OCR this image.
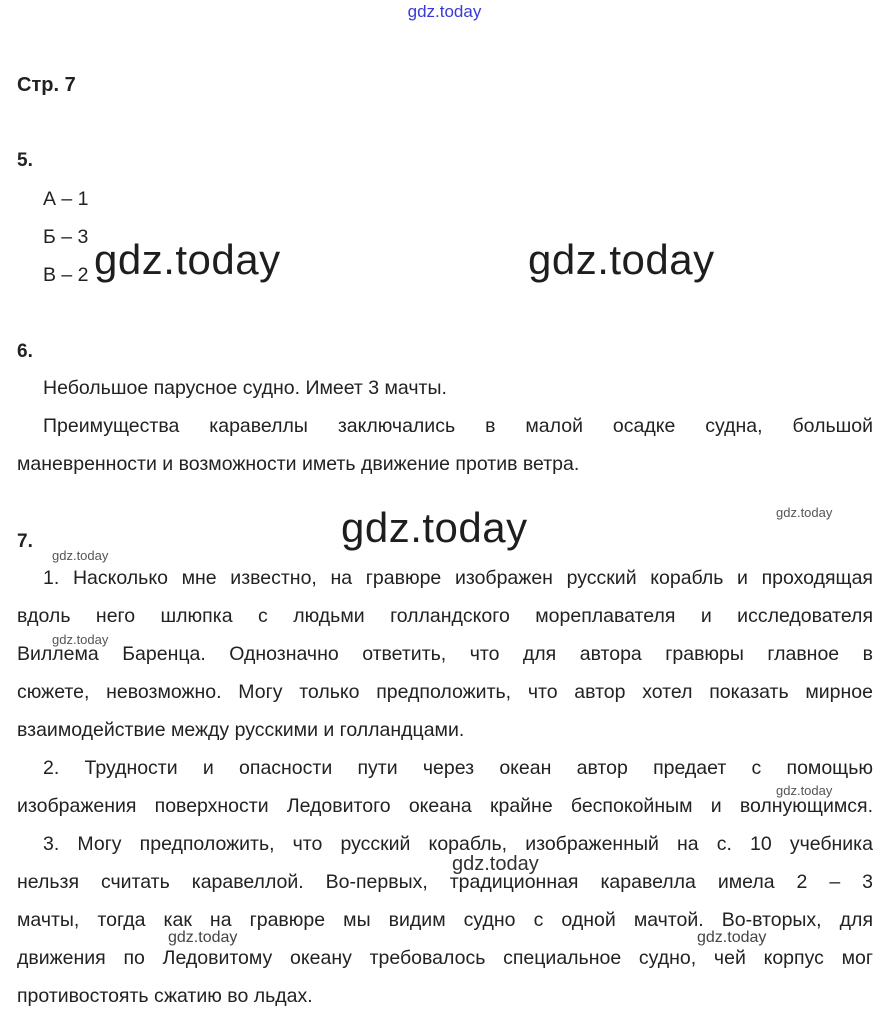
gdz.today
Стр. 7
5.
А – 1
Б – 3
В – 2 gdz.today	gdz.today
6.
Небольшое парусное судно. Имеет 3 мачты.
Преимущества каравеллы заключались в малой осадке судна, большой
маневренности и возможности иметь движение против ветра.
gdz.today
gdz.today
7.
gdz.today
1. Насколько мне известно, на гравюре изображен русский корабль и проходящая
вдоль него шлюпка с людьми голландского мореплавателя и исследователя
Виллема Баренца. Однозначно ответить, что для автора гравюры главное в
сюжете, невозможно. Могу только предположить, что автор хотел показать мирное
взаимодействие между русскими и голландцами.
gdz.today
2. Трудности и опасности пути через океан автор предает с помощью
изображения поверхности Ледовитого океана крайне беспокойным и волнующимся.
gdz.today
3. Могу предположить, что русский корабль, изображенный на с. 10 учебника
нельзя считать каравеллой. Во-первых, традиционная каравелла имела 2 – 3
мачты, тогда как на гравюре мы видим судно с одной мачтой. Во-вторых, для
движения по Ледовитому океану требовалось специальное судно, чей корпус мог
противостоять сжатию во льдах.
gdz.today
gdz.today	gdz.today
